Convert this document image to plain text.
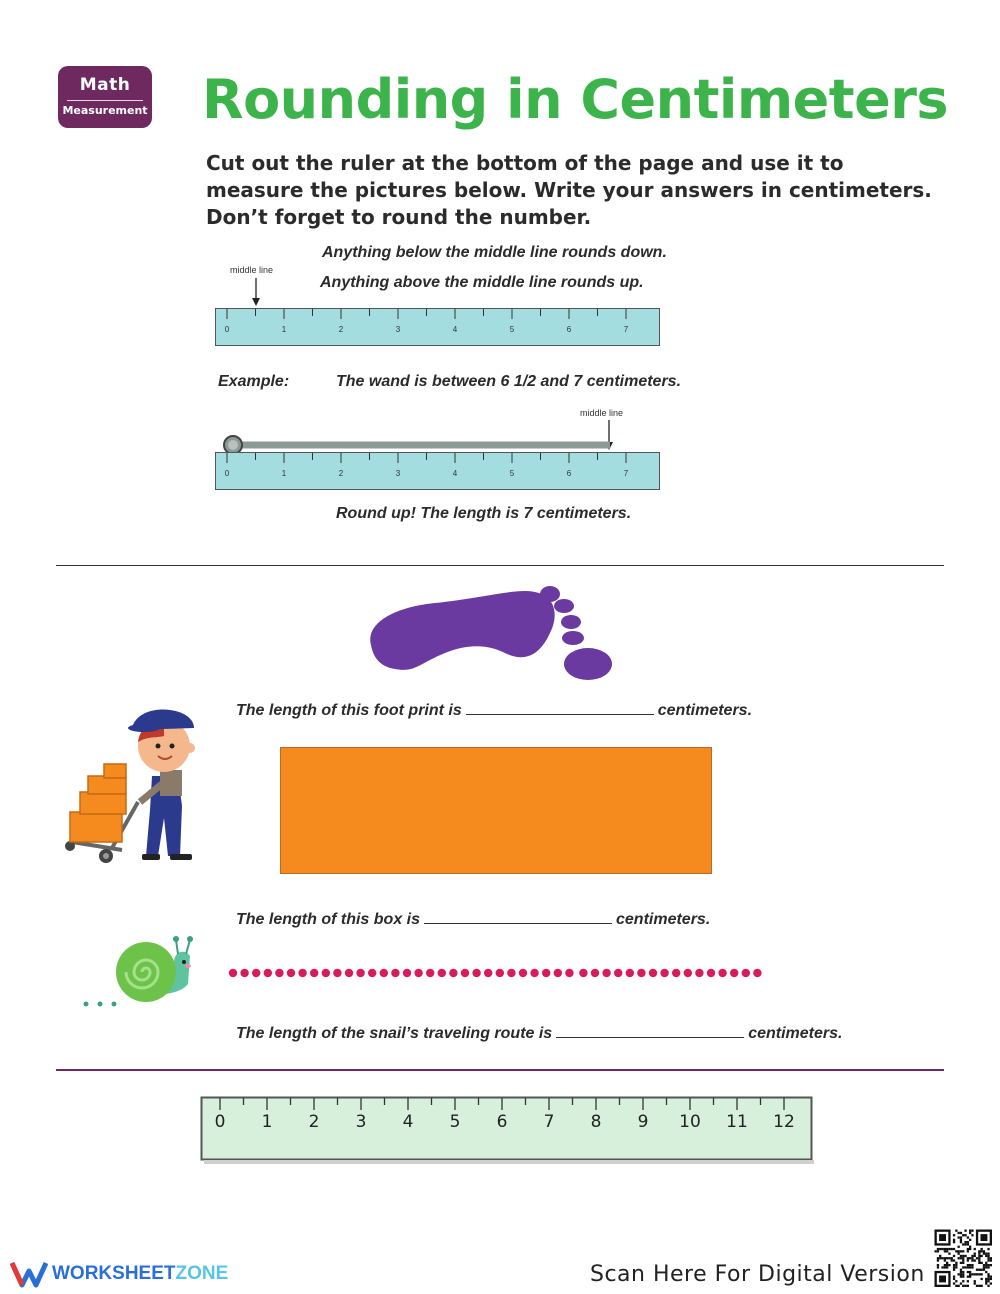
Math
Measurement Rounding in Centimeters
Cut out the ruler at the bottom of the page and use it to measure the pictures below. Write your answers in centimeters. Don’t forget to round the number.
Anything below the middle line rounds down.
Anything above the middle line rounds up.
middle line
0	1	2	3	4	5	6	7
Example:	The wand is between 6 1/2 and 7 centimeters.
middle line
0	1	2	3	4	5	6	7
Round up! The length is 7 centimeters.
The length of this foot print is	centimeters.
The length of this box is	centimeters.
The length of the snail’s traveling route is	centimeters.
0 1 2 3 4 5 6 7 8 9 10 11 12
WORKSHEETZONE	Scan Here For Digital Version
